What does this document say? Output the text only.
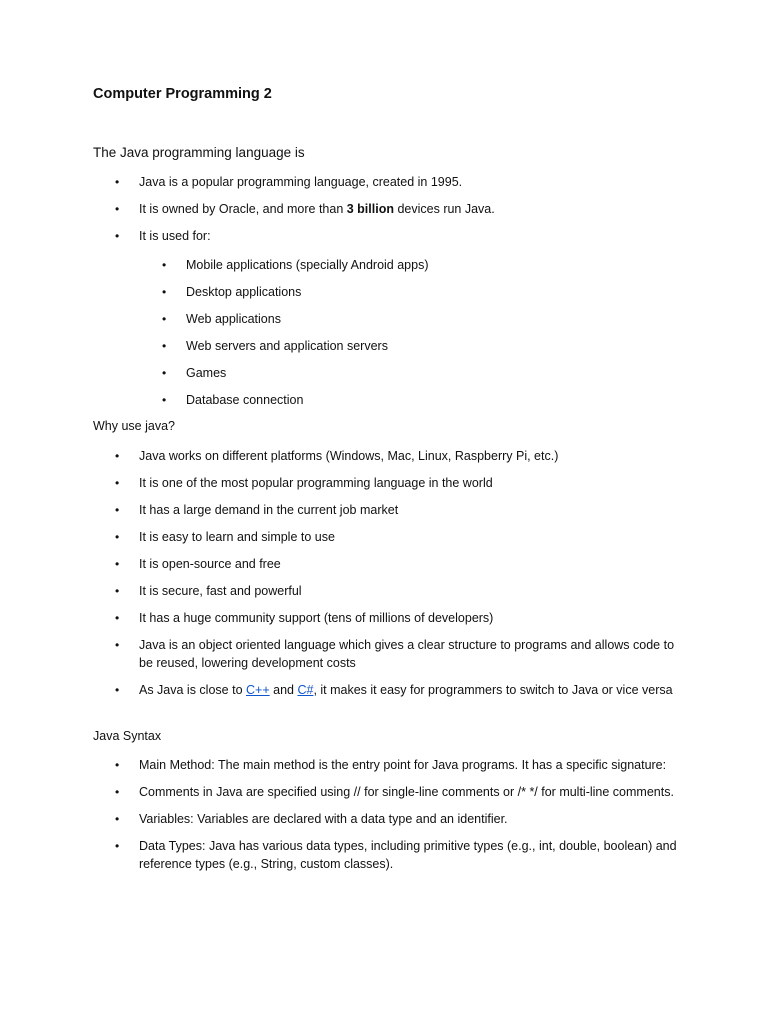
Computer Programming 2
The Java programming language is
• Java is a popular programming language, created in 1995.
• It is owned by Oracle, and more than 3 billion devices run Java.
• It is used for:
• Mobile applications (specially Android apps)
• Desktop applications
• Web applications
• Web servers and application servers
• Games
• Database connection
Why use java?
• Java works on different platforms (Windows, Mac, Linux, Raspberry Pi, etc.)
• It is one of the most popular programming language in the world
• It has a large demand in the current job market
• It is easy to learn and simple to use
• It is open-source and free
• It is secure, fast and powerful
• It has a huge community support (tens of millions of developers)
• Java is an object oriented language which gives a clear structure to programs and allows code to be reused, lowering development costs
• As Java is close to C++ and C#, it makes it easy for programmers to switch to Java or vice versa
Java Syntax
• Main Method: The main method is the entry point for Java programs. It has a specific signature:
• Comments in Java are specified using // for single-line comments or /* */ for multi-line comments.
• Variables: Variables are declared with a data type and an identifier.
• Data Types: Java has various data types, including primitive types (e.g., int, double, boolean) and reference types (e.g., String, custom classes).
